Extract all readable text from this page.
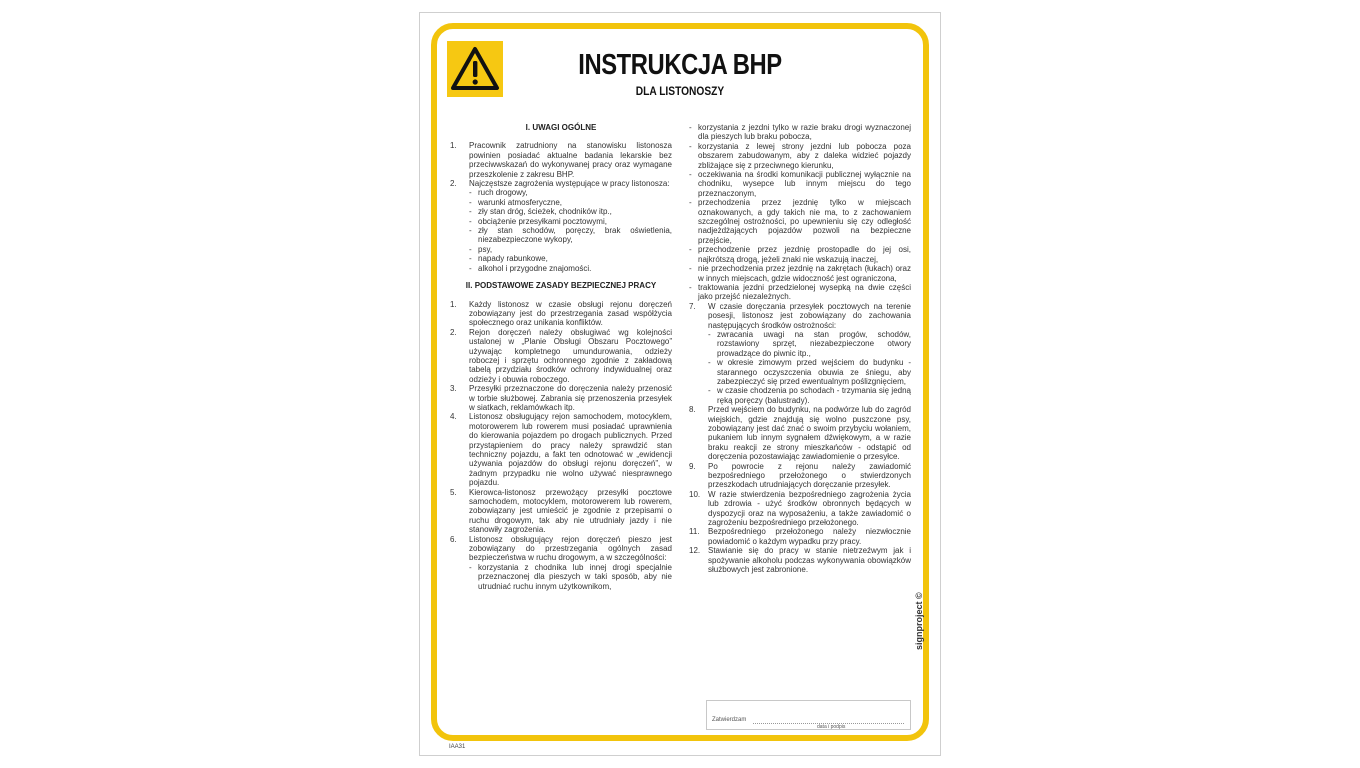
INSTRUKCJA BHP
DLA LISTONOSZY
I. UWAGI OGÓLNE
1.	Pracownik zatrudniony na stanowisku listonosza powinien posiadać aktualne badania lekarskie bez przeciwwskazań do wykonywanej pracy oraz wymagane przeszkolenie z zakresu BHP.
2.	Najczęstsze zagrożenia występujące w pracy listonosza:
- ruch drogowy,
- warunki atmosferyczne,
- zły stan dróg, ścieżek, chodników itp.,
- obciążenie przesyłkami pocztowymi,
- zły stan schodów, poręczy, brak oświetlenia, niezabezpieczone wykopy,
- psy,
- napady rabunkowe,
- alkohol i przygodne znajomości.
II. PODSTAWOWE ZASADY BEZPIECZNEJ PRACY
1.	Każdy listonosz w czasie obsługi rejonu doręczeń zobowiązany jest do przestrzegania zasad współżycia społecznego oraz unikania konfliktów.
2.	Rejon doręczeń należy obsługiwać wg kolejności ustalonej w „Planie Obsługi Obszaru Pocztowego” używając kompletnego umundurowania, odzieży roboczej i sprzętu ochronnego zgodnie z zakładową tabelą przydziału środków ochrony indywidualnej oraz odzieży i obuwia roboczego.
3.	Przesyłki przeznaczone do doręczenia należy przenosić w torbie służbowej. Zabrania się przenoszenia przesyłek w siatkach, reklamówkach itp.
4.	Listonosz obsługujący rejon samochodem, motocyklem, motorowerem lub rowerem musi posiadać uprawnienia do kierowania pojazdem po drogach publicznych. Przed przystąpieniem do pracy należy sprawdzić stan techniczny pojazdu, a fakt ten odnotować w „ewidencji używania pojazdów do obsługi rejonu doręczeń”, w żadnym przypadku nie wolno używać niesprawnego pojazdu.
5.	Kierowca-listonosz przewożący przesyłki pocztowe samochodem, motocyklem, motorowerem lub rowerem, zobowiązany jest umieścić je zgodnie z przepisami o ruchu drogowym, tak aby nie utrudniały jazdy i nie stanowiły zagrożenia.
6.	Listonosz obsługujący rejon doręczeń pieszo jest zobowiązany do przestrzegania ogólnych zasad bezpieczeństwa w ruchu drogowym, a w szczególności:
- korzystania z chodnika lub innej drogi specjalnie przeznaczonej dla pieszych w taki sposób, aby nie utrudniać ruchu innym użytkownikom,
- korzystania z jezdni tylko w razie braku drogi wyznaczonej dla pieszych lub braku pobocza,
- korzystania z lewej strony jezdni lub pobocza poza obszarem zabudowanym, aby z daleka widzieć pojazdy zbliżające się z przeciwnego kierunku,
- oczekiwania na środki komunikacji publicznej wyłącznie na chodniku, wysepce lub innym miejscu do tego przeznaczonym,
- przechodzenia przez jezdnię tylko w miejscach oznakowanych, a gdy takich nie ma, to z zachowaniem szczególnej ostrożności, po upewnieniu się czy odległość nadjeżdżających pojazdów pozwoli na bezpieczne przejście,
- przechodzenie przez jezdnię prostopadle do jej osi, najkrótszą drogą, jeżeli znaki nie wskazują inaczej,
- nie przechodzenia przez jezdnię na zakrętach (łukach) oraz w innych miejscach, gdzie widoczność jest ograniczona,
- traktowania jezdni przedzielonej wysepką na dwie części jako przejść niezależnych.
7.	W czasie doręczania przesyłek pocztowych na terenie posesji, listonosz jest zobowiązany do zachowania następujących środków ostrożności:
- zwracania uwagi na stan progów, schodów, rozstawiony sprzęt, niezabezpieczone otwory prowadzące do piwnic itp.,
- w okresie zimowym przed wejściem do budynku - starannego oczyszczenia obuwia ze śniegu, aby zabezpieczyć się przed ewentualnym poślizgnięciem,
- w czasie chodzenia po schodach - trzymania się jedną ręką poręczy (balustrady).
8.	Przed wejściem do budynku, na podwórze lub do zagród wiejskich, gdzie znajdują się wolno puszczone psy, zobowiązany jest dać znać o swoim przybyciu wołaniem, pukaniem lub innym sygnałem dźwiękowym, a w razie braku reakcji ze strony mieszkańców - odstąpić od doręczenia pozostawiając zawiadomienie o przesyłce.
9.	Po powrocie z rejonu należy zawiadomić bezpośredniego przełożonego o stwierdzonych przeszkodach utrudniających doręczanie przesyłek.
10. W razie stwierdzenia bezpośredniego zagrożenia życia lub zdrowia - użyć środków obronnych będących w dyspozycji oraz na wyposażeniu, a także zawiadomić o zagrożeniu bezpośredniego przełożonego.
11.	Bezpośredniego przełożonego należy niezwłocznie powiadomić o każdym wypadku przy pracy.
12. Stawianie się do pracy w stanie nietrzeźwym jak i spożywanie alkoholu podczas wykonywania obowiązków służbowych jest zabronione.
Zatwierdzam
data i podpis
signproject ©
IAA31
